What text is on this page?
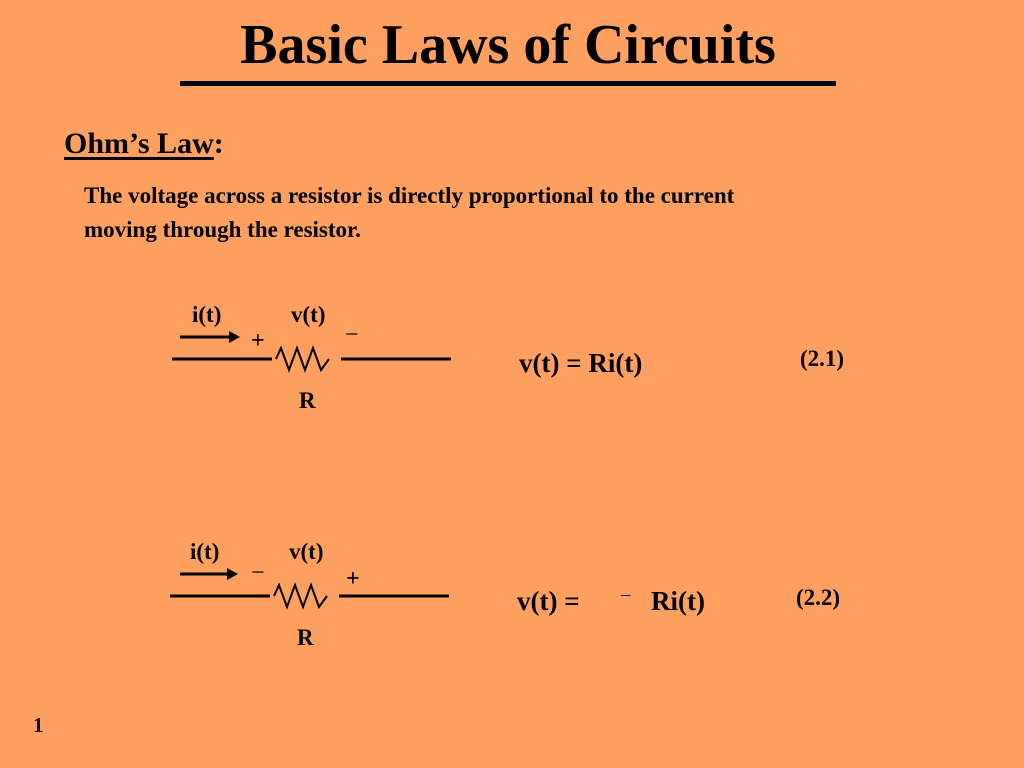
Basic Laws of Circuits
Ohm’s Law:
The voltage across a resistor is directly proportional to the current
moving through the resistor.
i(t)	v(t)
+	−
R
v(t) = Ri(t)	(2.1)
i(t)	v(t)
−	+
R
v(t) = − Ri(t)	(2.2)
1
